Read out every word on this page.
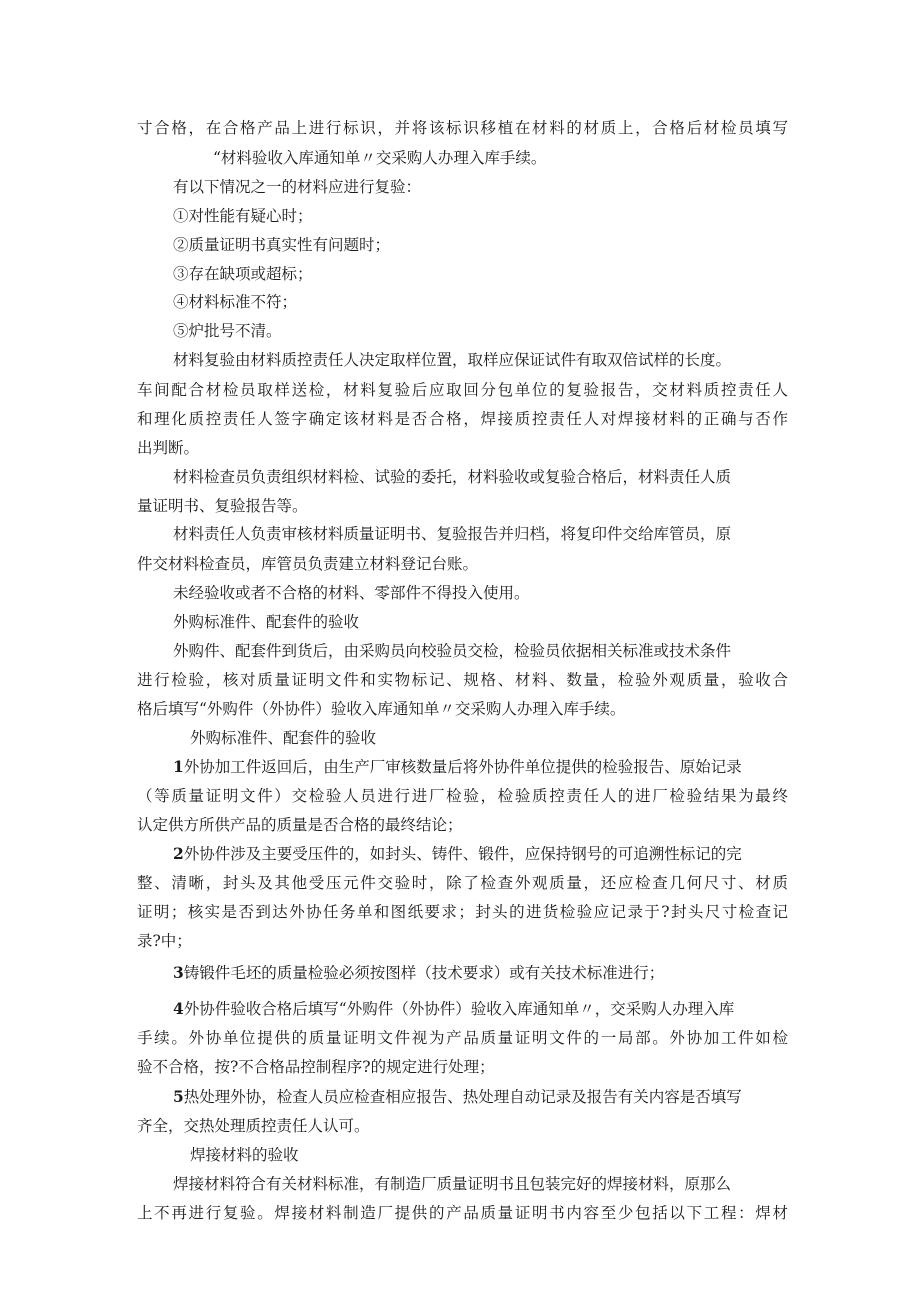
寸合格，在合格产品上进行标识，并将该标识移植在材料的材质上，合格后材检员填写
“材料验收入库通知单〃交采购人办理入库手续。
有以下情况之一的材料应进行复验：
①对性能有疑心时；
②质量证明书真实性有问题时；
③存在缺项或超标；
④材料标准不符；
⑤炉批号不清。
材料复验由材料质控责任人决定取样位置，取样应保证试件有取双倍试样的长度。
车间配合材检员取样送检，材料复验后应取回分包单位的复验报告，交材料质控责任人
和理化质控责任人签字确定该材料是否合格，焊接质控责任人对焊接材料的正确与否作
出判断。
材料检查员负责组织材料检、试验的委托，材料验收或复验合格后，材料责任人质
量证明书、复验报告等。
材料责任人负责审核材料质量证明书、复验报告并归档，将复印件交给库管员，原
件交材料检查员，库管员负责建立材料登记台账。
未经验收或者不合格的材料、零部件不得投入使用。
外购标准件、配套件的验收
外购件、配套件到货后，由采购员向校验员交检，检验员依据相关标准或技术条件
进行检验，核对质量证明文件和实物标记、规格、材料、数量，检验外观质量，验收合
格后填写“外购件（外协件）验收入库通知单〃交采购人办理入库手续。
外购标准件、配套件的验收
1外协加工件返回后，由生产厂审核数量后将外协件单位提供的检验报告、原始记录
（等质量证明文件）交检验人员进行进厂检验，检验质控责任人的进厂检验结果为最终
认定供方所供产品的质量是否合格的最终结论；
2外协件涉及主要受压件的，如封头、铸件、锻件，应保持钢号的可追溯性标记的完
整、清晰，封头及其他受压元件交验时，除了检查外观质量，还应检查几何尺寸、材质
证明；核实是否到达外协任务单和图纸要求；封头的进货检验应记录于?封头尺寸检查记
录?中；
3铸锻件毛坯的质量检验必须按图样（技术要求）或有关技术标准进行；
4外协件验收合格后填写“外购件（外协件）验收入库通知单〃，交采购人办理入库
手续。外协单位提供的质量证明文件视为产品质量证明文件的一局部。外协加工件如检
验不合格，按?不合格品控制程序?的规定进行处理；
5热处理外协，检查人员应检查相应报告、热处理自动记录及报告有关内容是否填写
齐全，交热处理质控责任人认可。
焊接材料的验收
焊接材料符合有关材料标准，有制造厂质量证明书且包装完好的焊接材料，原那么
上不再进行复验。焊接材料制造厂提供的产品质量证明书内容至少包括以下工程：焊材
